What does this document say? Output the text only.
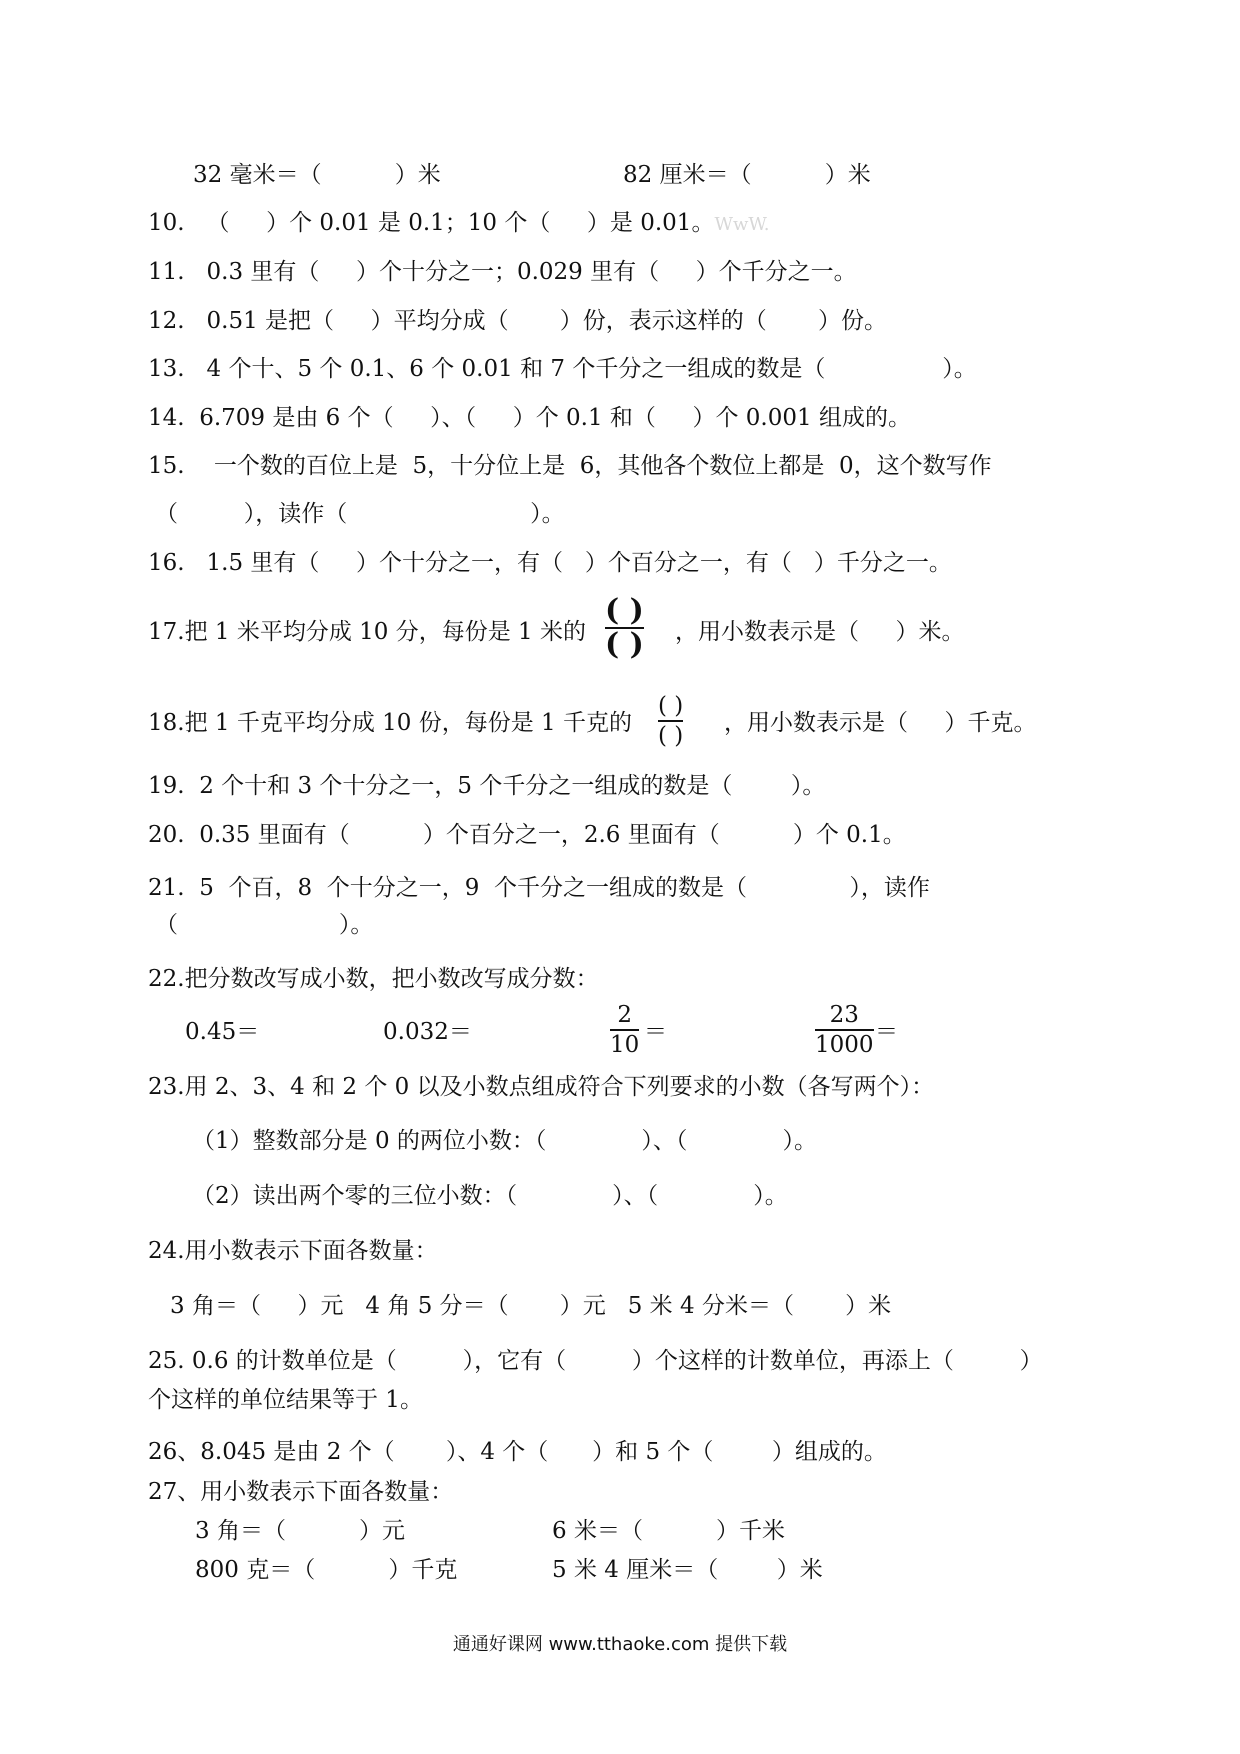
32 毫米＝（          ）米	82 厘米＝（          ）米
10.   （     ）个 0.01 是 0.1；10 个（     ）是 0.01。WwW.
11.   0.3 里有（     ）个十分之一；0.029 里有（     ）个千分之一。
12.   0.51 是把（     ）平均分成（       ）份，表示这样的（       ）份。
13.   4 个十、5 个 0.1、6 个 0.01 和 7 个千分之一组成的数是（                ）。
14.  6.709 是由 6 个（     ）、（     ）个 0.1 和（     ）个 0.001 组成的。
15.    一个数的百位上是  5，十分位上是  6，其他各个数位上都是  0，这个数写作
（         ），读作（                         ）。
16.   1.5 里有（     ）个十分之一，有（   ）个百分之一，有（   ）千分之一。
17.把 1 米平均分成 10 分，每份是 1 米的
( )
( ) ，用小数表示是（     ）米。
18.把 1 千克平均分成 10 份，每份是 1 千克的
( )
( ) ，用小数表示是（     ）千克。
19.  2 个十和 3 个十分之一，5 个千分之一组成的数是（        ）。
20.  0.35 里面有（          ）个百分之一，2.6 里面有（          ）个 0.1。
21.  5  个百，8  个十分之一，9  个千分之一组成的数是（              ），读作
（                      ）。
22.把分数改写成小数，把小数改写成分数：
0.45＝	0.032＝
2
10 ＝
23
1000 ＝
23.用 2、3、4 和 2 个 0 以及小数点组成符合下列要求的小数（各写两个）：
（1）整数部分是 0 的两位小数：（             ）、（             ）。
（2）读出两个零的三位小数：（             ）、（             ）。
24.用小数表示下面各数量：
3 角＝（     ）元   4 角 5 分＝（       ）元   5 米 4 分米＝（       ）米
25. 0.6 的计数单位是（         ），它有（         ）个这样的计数单位，再添上（         ）
个这样的单位结果等于 1。
26、8.045 是由 2 个（       ）、4 个（      ）和 5 个（        ）组成的。
27、用小数表示下面各数量：
3 角＝（          ）元	6 米＝（          ）千米
800 克＝（          ）千克	5 米 4 厘米＝（        ）米
通通好课网 www.tthaoke.com 提供下载
